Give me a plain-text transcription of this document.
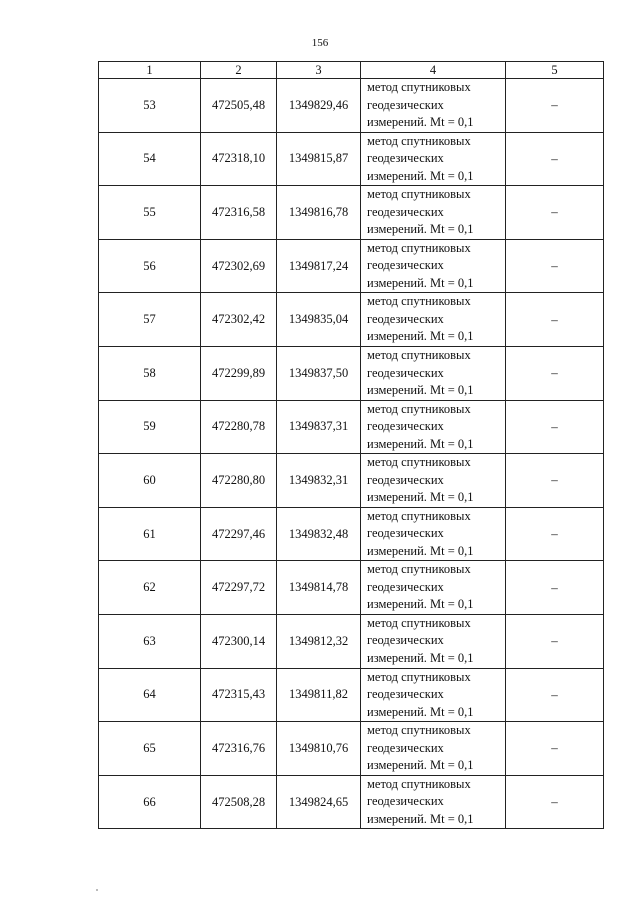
156
1	2	3	4	5
53	472505,48	1349829,46	метод спутниковых
геодезических
измерений. Mt = 0,1	–
54	472318,10	1349815,87	метод спутниковых
геодезических
измерений. Mt = 0,1	–
55	472316,58	1349816,78	метод спутниковых
геодезических
измерений. Mt = 0,1	–
56	472302,69	1349817,24	метод спутниковых
геодезических
измерений. Mt = 0,1	–
57	472302,42	1349835,04	метод спутниковых
геодезических
измерений. Mt = 0,1	–
58	472299,89	1349837,50	метод спутниковых
геодезических
измерений. Mt = 0,1	–
59	472280,78	1349837,31	метод спутниковых
геодезических
измерений. Mt = 0,1	–
60	472280,80	1349832,31	метод спутниковых
геодезических
измерений. Mt = 0,1	–
61	472297,46	1349832,48	метод спутниковых
геодезических
измерений. Mt = 0,1	–
62	472297,72	1349814,78	метод спутниковых
геодезических
измерений. Mt = 0,1	–
63	472300,14	1349812,32	метод спутниковых
геодезических
измерений. Mt = 0,1	–
64	472315,43	1349811,82	метод спутниковых
геодезических
измерений. Mt = 0,1	–
65	472316,76	1349810,76	метод спутниковых
геодезических
измерений. Mt = 0,1	–
66	472508,28	1349824,65	метод спутниковых
геодезических
измерений. Mt = 0,1	–
